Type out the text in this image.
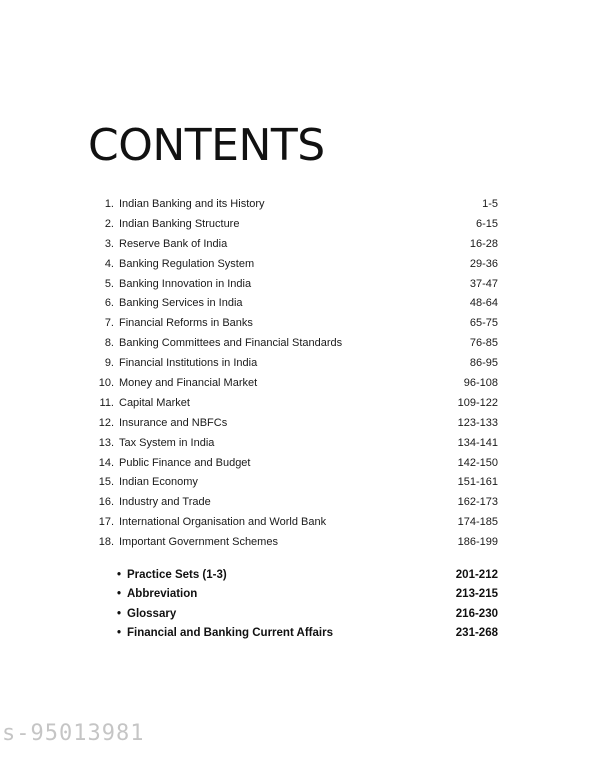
CONTENTS
1. Indian Banking and its History	1-5
2. Indian Banking Structure	6-15
3. Reserve Bank of India	16-28
4. Banking Regulation System	29-36
5. Banking Innovation in India	37-47
6. Banking Services in India	48-64
7. Financial Reforms in Banks	65-75
8. Banking Committees and Financial Standards	76-85
9. Financial Institutions in India	86-95
10. Money and Financial Market	96-108
11. Capital Market	109-122
12. Insurance and NBFCs	123-133
13. Tax System in India	134-141
14. Public Finance and Budget	142-150
15. Indian Economy	151-161
16. Industry and Trade	162-173
17. International Organisation and World Bank	174-185
18. Important Government Schemes	186-199
• Practice Sets (1-3)	201-212
• Abbreviation	213-215
• Glossary	216-230
• Financial and Banking Current Affairs	231-268
s-95013981
